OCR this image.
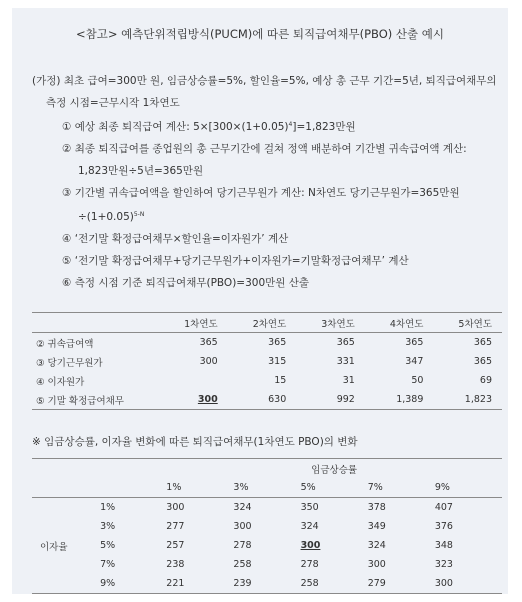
<참고> 예측단위적립방식(PUCM)에 따른 퇴직급여채무(PBO) 산출 예시
(가정) 최초 급여=300만 원, 임금상승률=5%, 할인율=5%, 예상 총 근무 기간=5년, 퇴직급여채무의
측정 시점=근무시작 1차연도
① 예상 최종 퇴직급여 계산: $5\times[300\times(1+0.05)^4]=1,823$만원
② 최종 퇴직급여를 종업원의 총 근무기간에 걸쳐 정액 배분하여 기간별 귀속급여액 계산:
1,823만원÷5년=365만원
③ 기간별 귀속급여액을 할인하여 당기근무원가 계산: N차연도 당기근무원가=365만원
$\div(1+0.05)^{5-N}$
④ ‘전기말 확정급여채무×할인율=이자원가’ 계산
⑤ ‘전기말 확정급여채무+당기근무원가+이자원가=기말확정급여채무’ 계산
⑥ 측정 시점 기준 퇴직급여채무(PBO)=300만원 산출
	1차연도	2차연도	3차연도	4차연도	5차연도
② 귀속급여액	365	365	365	365	365
③ 당기근무원가	300	315	331	347	365
④ 이자원가		15	31	50	69
⑤ 기말 확정급여채무	300	630	992	1,389	1,823
※ 임금상승률, 이자율 변화에 따른 퇴직급여채무(1차연도 PBO)의 변화
		임금상승률				
		1%	3%	5%	7%	9%
	1%	300	324	350	378	407
	3%	277	300	324	349	376
이자율	5%	257	278	300	324	348
	7%	238	258	278	300	323
	9%	221	239	258	279	300
